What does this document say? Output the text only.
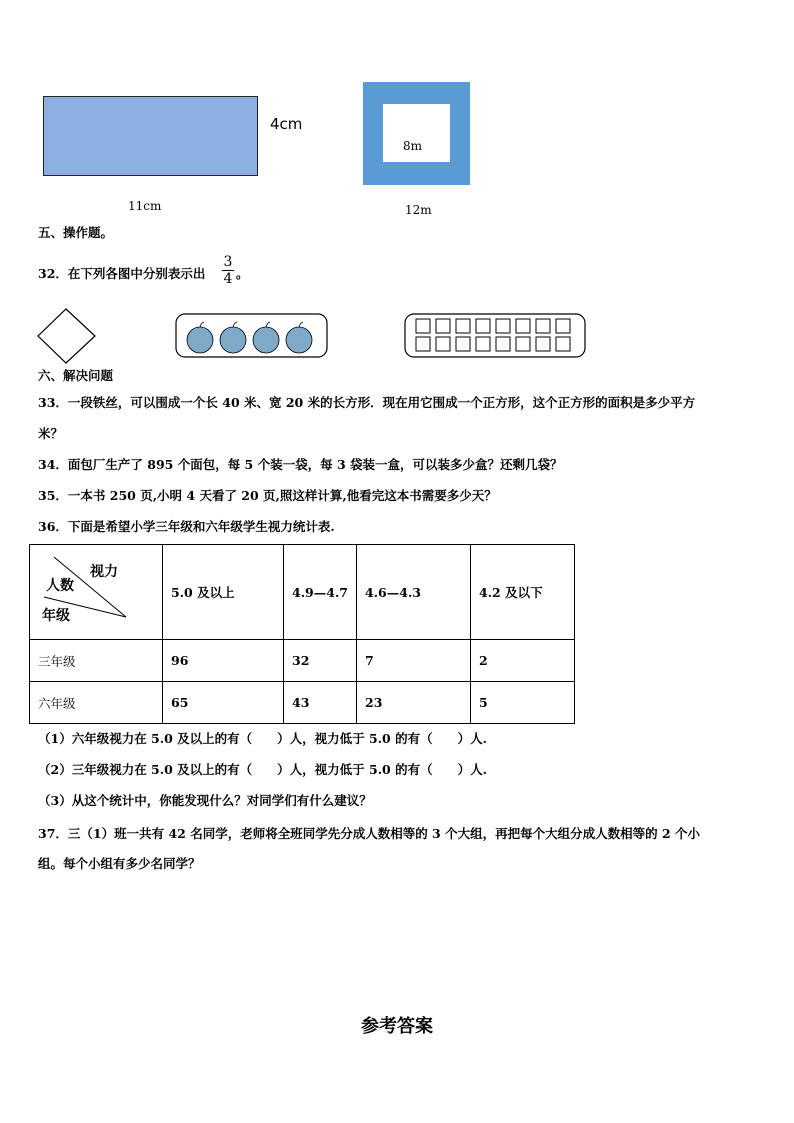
4cm
11cm
8m
12m
五、操作题。
32．在下列各图中分别表示出
3
4 。
六、解决问题
33．一段铁丝，可以围成一个长 40 米、宽 20 米的长方形．现在用它围成一个正方形，这个正方形的面积是多少平方
米？
34．面包厂生产了 895 个面包，每 5 个装一袋，每 3 袋装一盒，可以装多少盒？还剩几袋？
35．一本书 250 页,小明 4 天看了 20 页,照这样计算,他看完这本书需要多少天？
36．下面是希望小学三年级和六年级学生视力统计表.
视力
人数
年级	5.0 及以上	4.9—4.7	4.6—4.3	4.2 及以下
三年级	96	32	7	2
六年级	65	43	23	5
（1）六年级视力在 5.0 及以上的有（　　）人，视力低于 5.0 的有（　　）人.
（2）三年级视力在 5.0 及以上的有（　　）人，视力低于 5.0 的有（　　）人.
（3）从这个统计中，你能发现什么？对同学们有什么建议？
37．三（1）班一共有 42 名同学，老师将全班同学先分成人数相等的 3 个大组，再把每个大组分成人数相等的 2 个小
组。每个小组有多少名同学？
参考答案
